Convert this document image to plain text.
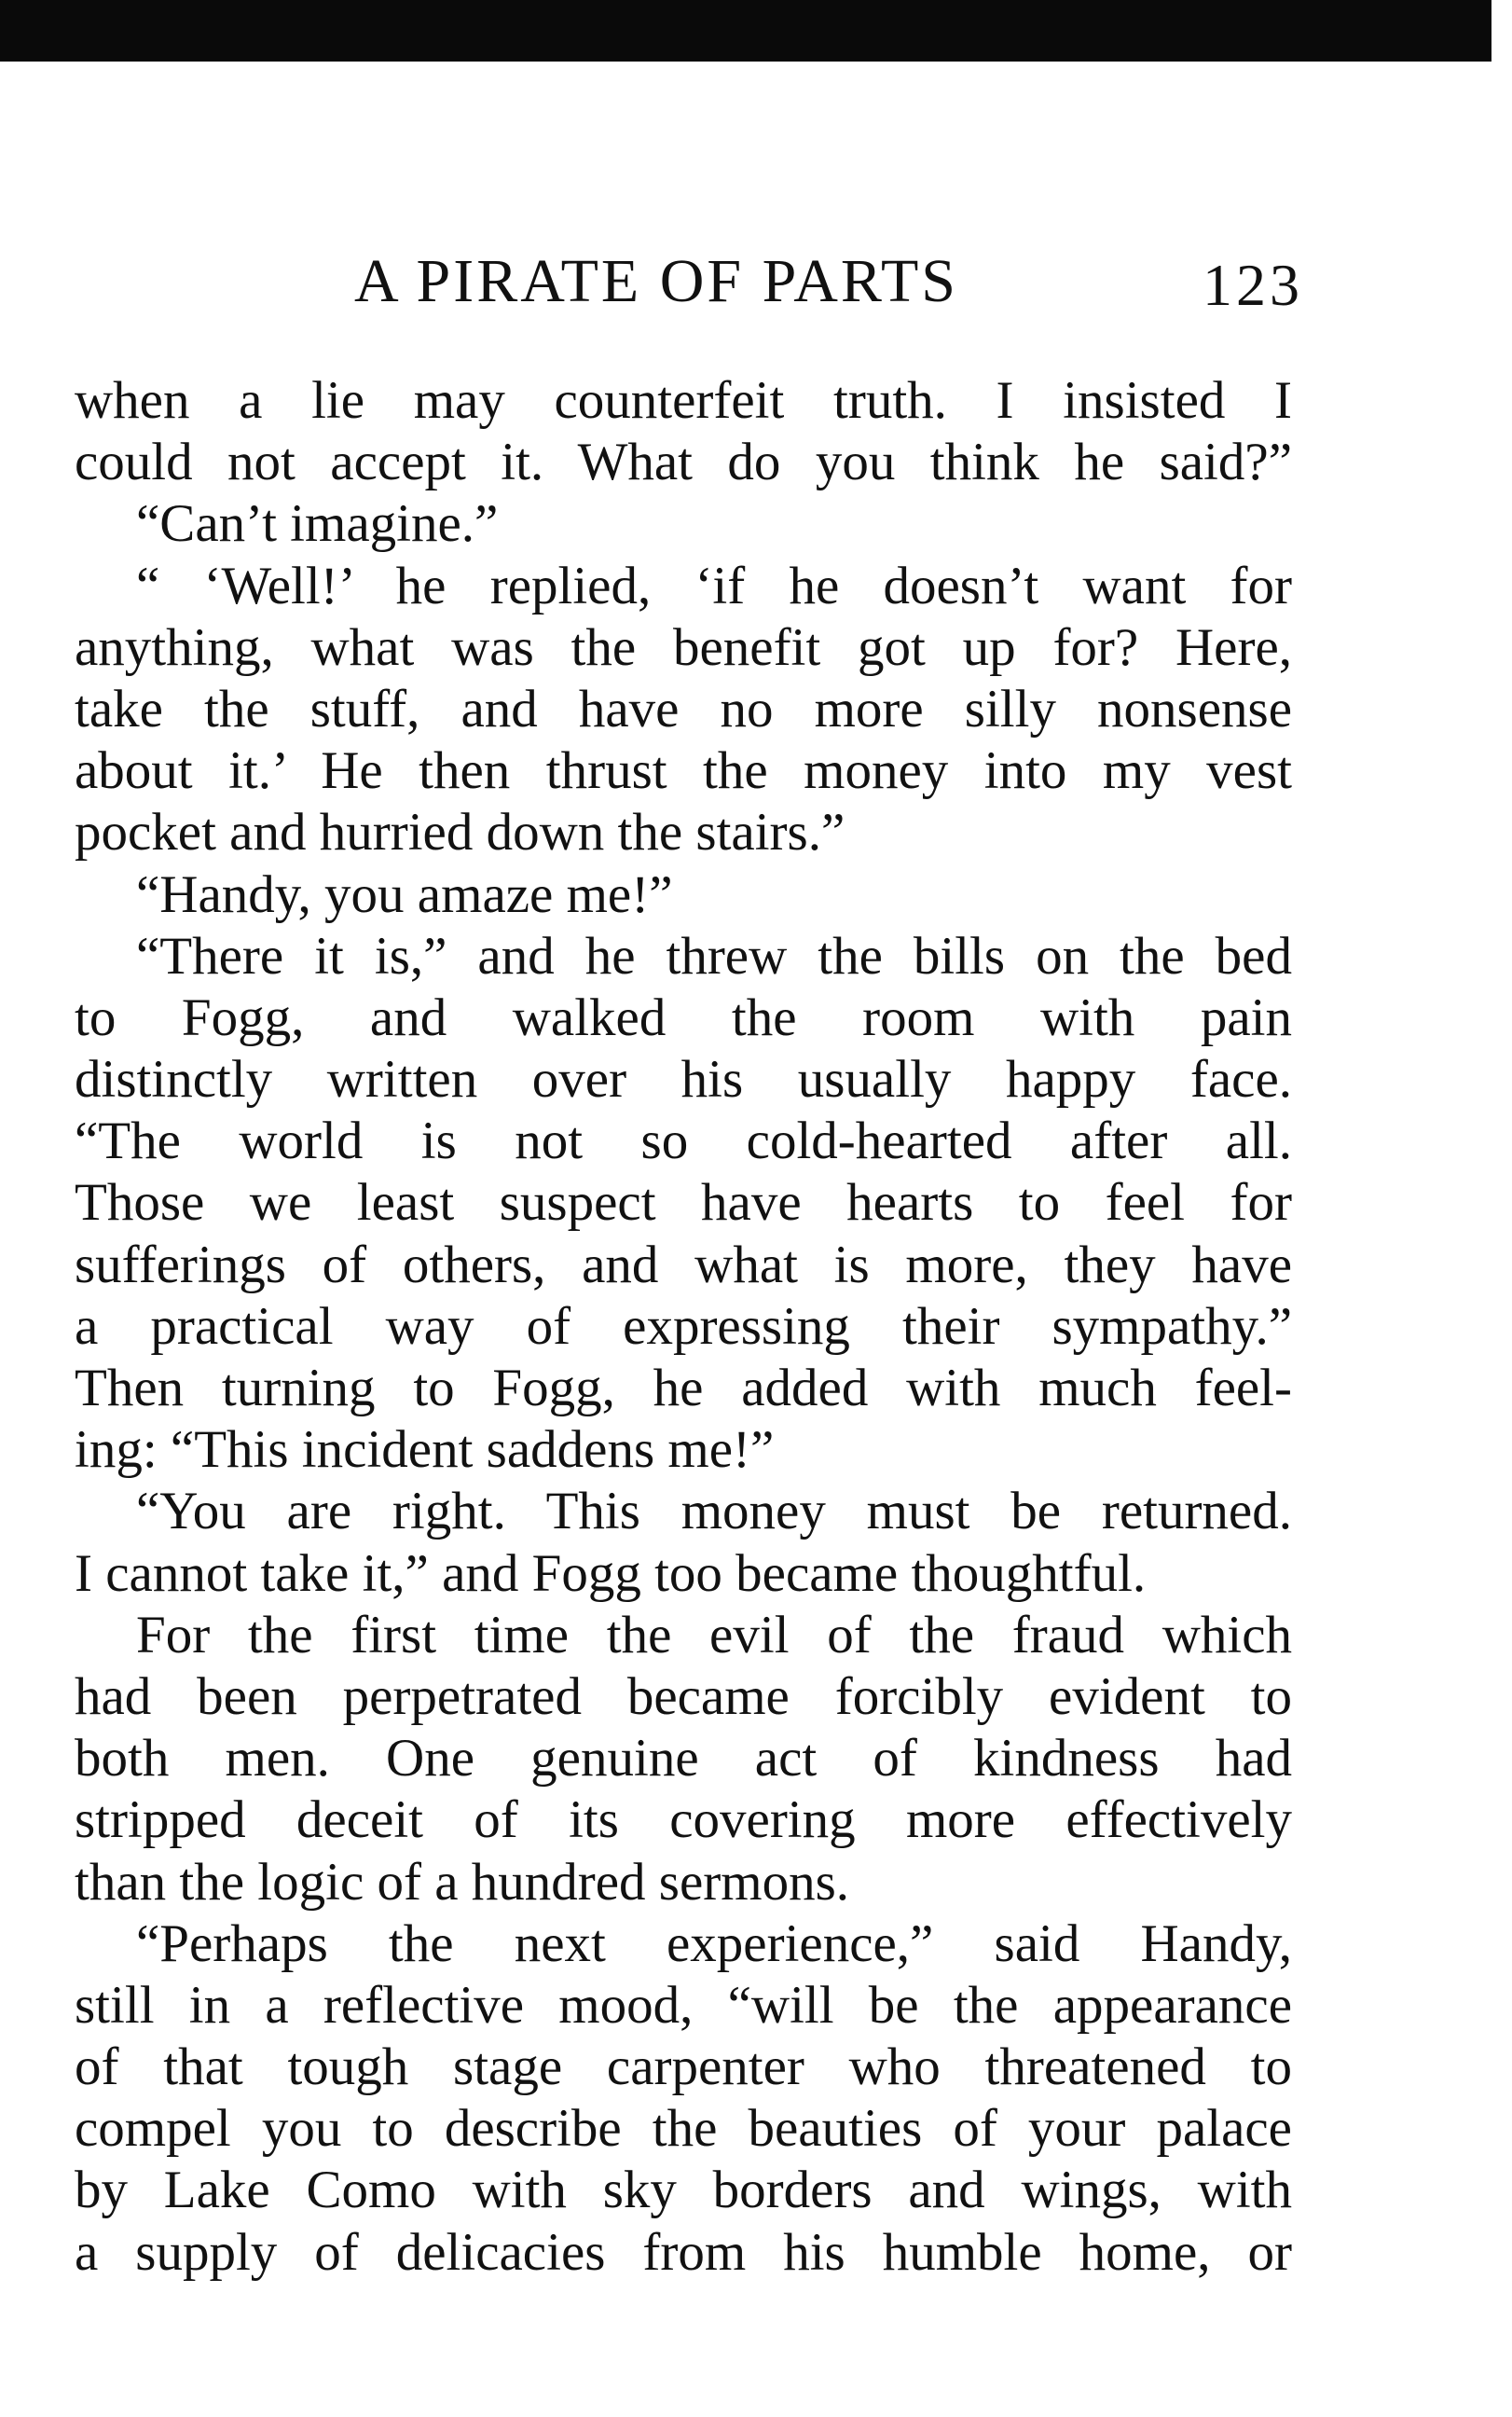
A PIRATE OF PARTS	123
when a lie may counterfeit truth. I insisted I
could not accept it. What do you think he said?”
“Can’t imagine.”
“ ‘Well!’ he replied, ‘if he doesn’t want for
anything, what was the benefit got up for? Here,
take the stuff, and have no more silly nonsense
about it.’ He then thrust the money into my vest
pocket and hurried down the stairs.”
“Handy, you amaze me!”
“There it is,” and he threw the bills on the bed
to Fogg, and walked the room with pain
distinctly written over his usually happy face.
“The world is not so cold-hearted after all.
Those we least suspect have hearts to feel for
sufferings of others, and what is more, they have
a practical way of expressing their sympathy.”
Then turning to Fogg, he added with much feel-
ing: “This incident saddens me!”
“You are right. This money must be returned.
I cannot take it,” and Fogg too became thoughtful.
For the first time the evil of the fraud which
had been perpetrated became forcibly evident to
both men. One genuine act of kindness had
stripped deceit of its covering more effectively
than the logic of a hundred sermons.
“Perhaps the next experience,” said Handy,
still in a reflective mood, “will be the appearance
of that tough stage carpenter who threatened to
compel you to describe the beauties of your palace
by Lake Como with sky borders and wings, with
a supply of delicacies from his humble home, or
